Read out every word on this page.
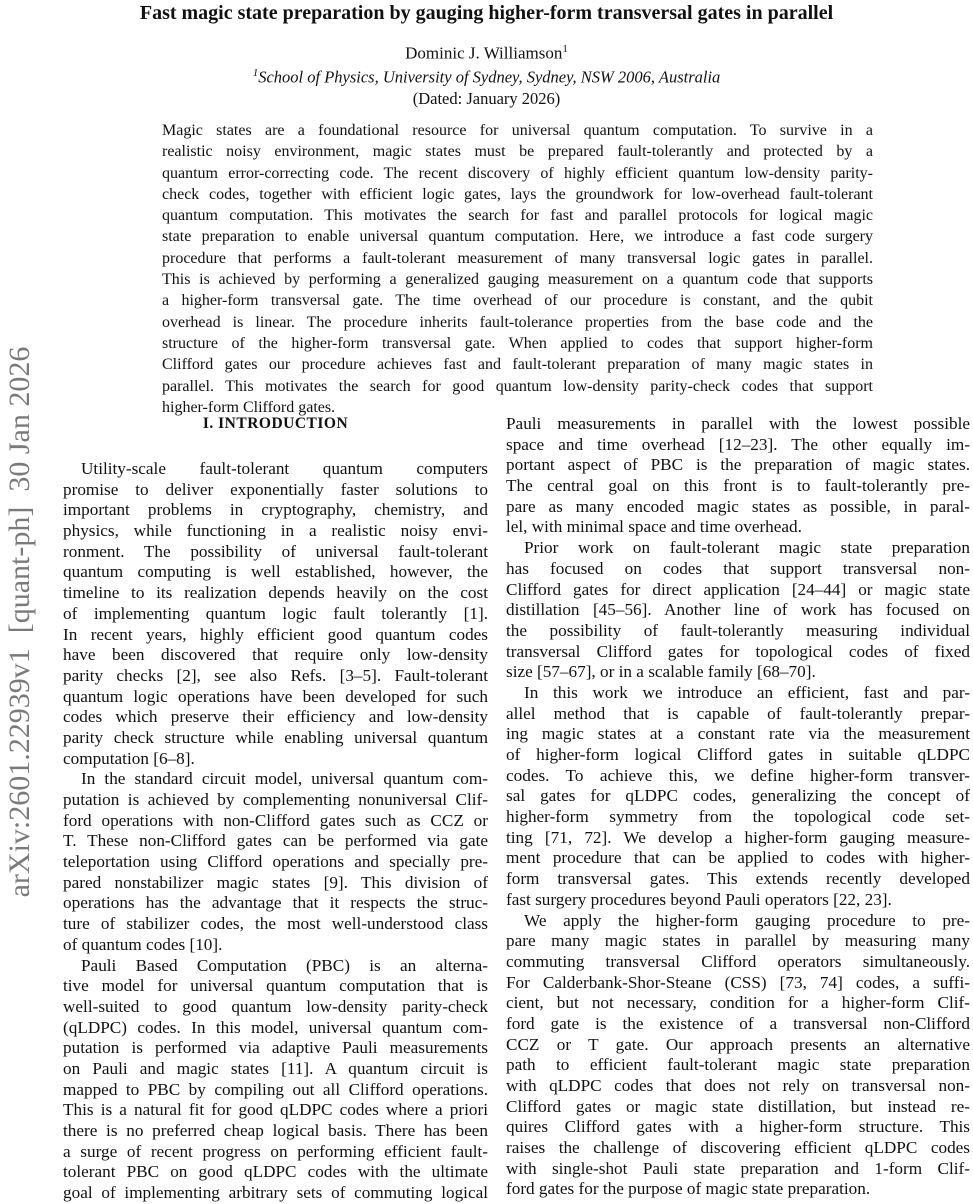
arXiv:2601.22939v1  [quant-ph]  30 Jan 2026
Fast magic state preparation by gauging higher-form transversal gates in parallel
Dominic J. Williamson$^1$
$^1$School of Physics, University of Sydney, Sydney, NSW 2006, Australia
(Dated: January 2026)
Magic states are a foundational resource for universal quantum computation. To survive in a
realistic noisy environment, magic states must be prepared fault-tolerantly and protected by a
quantum error-correcting code. The recent discovery of highly efficient quantum low-density parity-
check codes, together with efficient logic gates, lays the groundwork for low-overhead fault-tolerant
quantum computation. This motivates the search for fast and parallel protocols for logical magic
state preparation to enable universal quantum computation. Here, we introduce a fast code surgery
procedure that performs a fault-tolerant measurement of many transversal logic gates in parallel.
This is achieved by performing a generalized gauging measurement on a quantum code that supports
a higher-form transversal gate. The time overhead of our procedure is constant, and the qubit
overhead is linear. The procedure inherits fault-tolerance properties from the base code and the
structure of the higher-form transversal gate. When applied to codes that support higher-form
Clifford gates our procedure achieves fast and fault-tolerant preparation of many magic states in
parallel. This motivates the search for good quantum low-density parity-check codes that support
higher-form Clifford gates.
I. INTRODUCTION
Utility-scale fault-tolerant quantum computers
promise to deliver exponentially faster solutions to
important problems in cryptography, chemistry, and
physics, while functioning in a realistic noisy envi-
ronment. The possibility of universal fault-tolerant
quantum computing is well established, however, the
timeline to its realization depends heavily on the cost
of implementing quantum logic fault tolerantly [1].
In recent years, highly efficient good quantum codes
have been discovered that require only low-density
parity checks [2], see also Refs. [3–5]. Fault-tolerant
quantum logic operations have been developed for such
codes which preserve their efficiency and low-density
parity check structure while enabling universal quantum
computation [6–8].
In the standard circuit model, universal quantum com-
putation is achieved by complementing nonuniversal Clif-
ford operations with non-Clifford gates such as CCZ or
T. These non-Clifford gates can be performed via gate
teleportation using Clifford operations and specially pre-
pared nonstabilizer magic states [9]. This division of
operations has the advantage that it respects the struc-
ture of stabilizer codes, the most well-understood class
of quantum codes [10].
Pauli Based Computation (PBC) is an alterna-
tive model for universal quantum computation that is
well-suited to good quantum low-density parity-check
(qLDPC) codes. In this model, universal quantum com-
putation is performed via adaptive Pauli measurements
on Pauli and magic states [11]. A quantum circuit is
mapped to PBC by compiling out all Clifford operations.
This is a natural fit for good qLDPC codes where a priori
there is no preferred cheap logical basis. There has been
a surge of recent progress on performing efficient fault-
tolerant PBC on good qLDPC codes with the ultimate
goal of implementing arbitrary sets of commuting logical
Pauli measurements in parallel with the lowest possible
space and time overhead [12–23]. The other equally im-
portant aspect of PBC is the preparation of magic states.
The central goal on this front is to fault-tolerantly pre-
pare as many encoded magic states as possible, in paral-
lel, with minimal space and time overhead.
Prior work on fault-tolerant magic state preparation
has focused on codes that support transversal non-
Clifford gates for direct application [24–44] or magic state
distillation [45–56]. Another line of work has focused on
the possibility of fault-tolerantly measuring individual
transversal Clifford gates for topological codes of fixed
size [57–67], or in a scalable family [68–70].
In this work we introduce an efficient, fast and par-
allel method that is capable of fault-tolerantly prepar-
ing magic states at a constant rate via the measurement
of higher-form logical Clifford gates in suitable qLDPC
codes. To achieve this, we define higher-form transver-
sal gates for qLDPC codes, generalizing the concept of
higher-form symmetry from the topological code set-
ting [71, 72]. We develop a higher-form gauging measure-
ment procedure that can be applied to codes with higher-
form transversal gates. This extends recently developed
fast surgery procedures beyond Pauli operators [22, 23].
We apply the higher-form gauging procedure to pre-
pare many magic states in parallel by measuring many
commuting transversal Clifford operators simultaneously.
For Calderbank-Shor-Steane (CSS) [73, 74] codes, a suffi-
cient, but not necessary, condition for a higher-form Clif-
ford gate is the existence of a transversal non-Clifford
CCZ or T gate. Our approach presents an alternative
path to efficient fault-tolerant magic state preparation
with qLDPC codes that does not rely on transversal non-
Clifford gates or magic state distillation, but instead re-
quires Clifford gates with a higher-form structure. This
raises the challenge of discovering efficient qLDPC codes
with single-shot Pauli state preparation and 1-form Clif-
ford gates for the purpose of magic state preparation.
